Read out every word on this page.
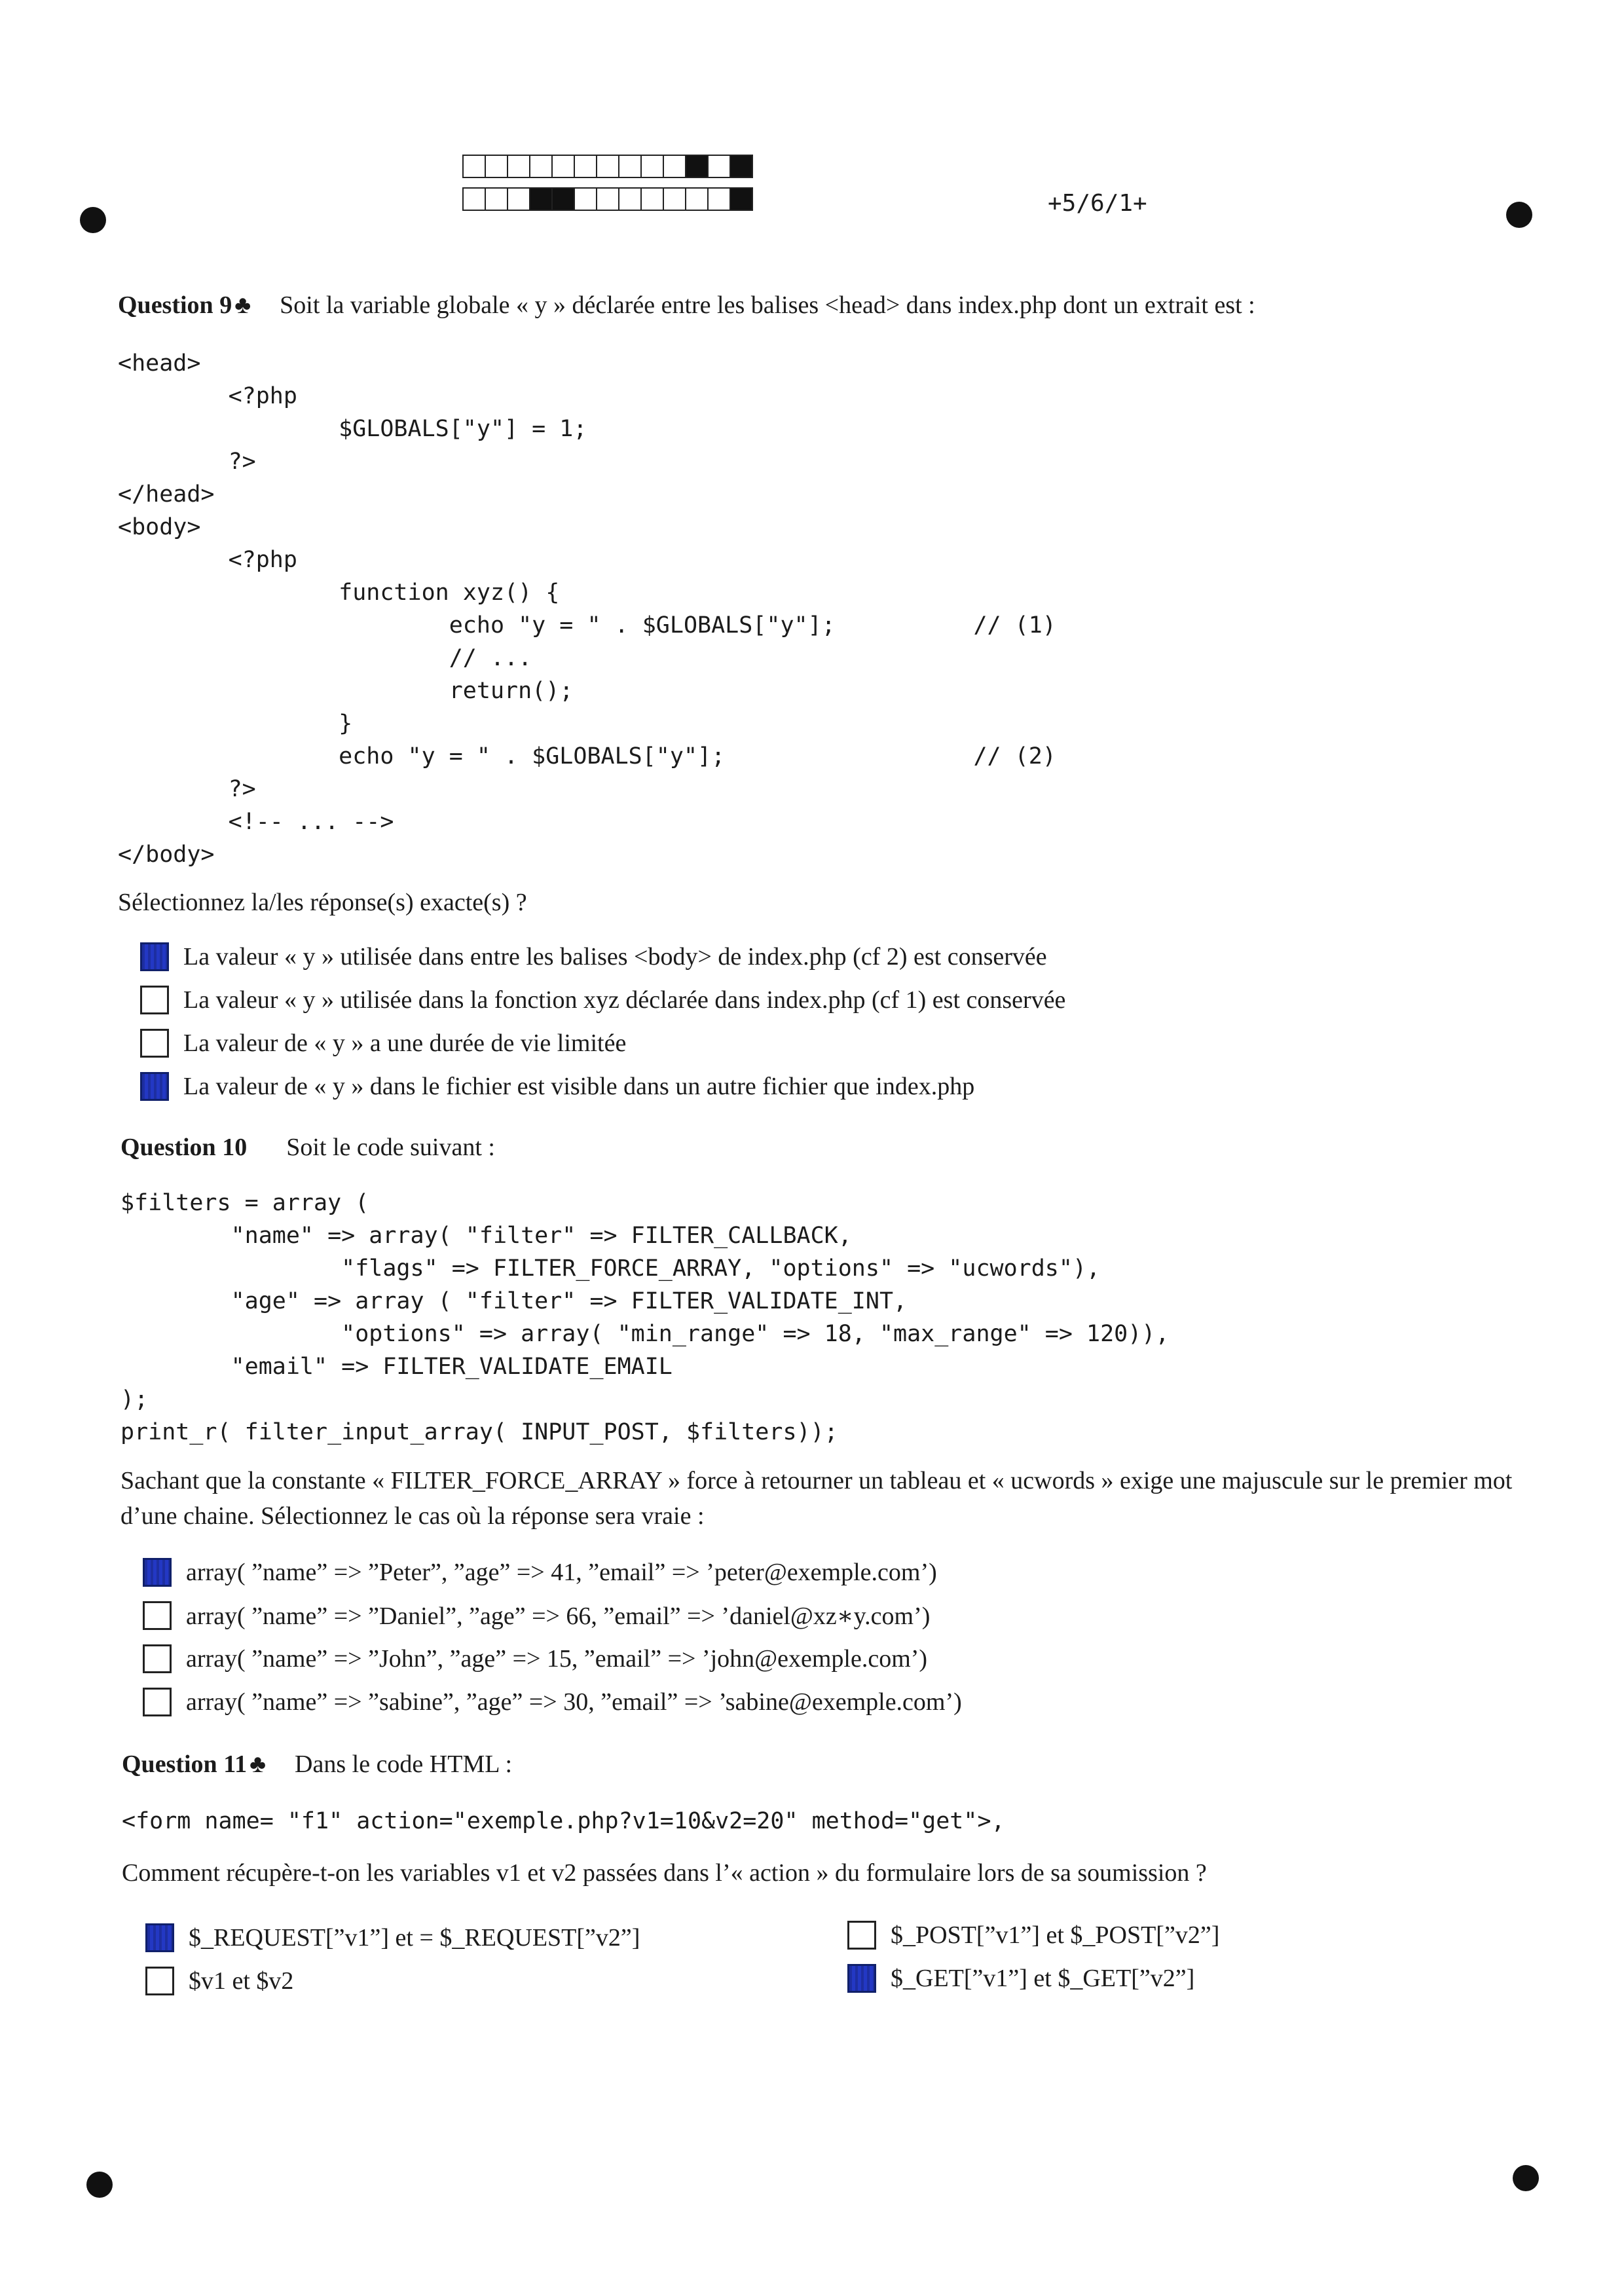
+5/6/1+
Question 9 ♣ Soit la variable globale « y » déclarée entre les balises <head> dans index.php dont un extrait est :
<head>
<?php
$GLOBALS["y"] = 1;
?>
</head>
<body>
<?php
function xyz() {
echo "y = " . $GLOBALS["y"];          // (1)
// ...
return();
}
echo "y = " . $GLOBALS["y"];                  // (2)
?>
<!-- ... -->
</body>
Sélectionnez la/les réponse(s) exacte(s) ?
La valeur « y » utilisée dans entre les balises <body> de index.php (cf 2) est conservée
La valeur « y » utilisée dans la fonction xyz déclarée dans index.php (cf 1) est conservée
La valeur de « y » a une durée de vie limitée
La valeur de « y » dans le fichier est visible dans un autre fichier que index.php
Question 10 Soit le code suivant :
$filters = array (
"name" => array( "filter" => FILTER_CALLBACK,
"flags" => FILTER_FORCE_ARRAY, "options" => "ucwords"),
"age" => array ( "filter" => FILTER_VALIDATE_INT,
"options" => array( "min_range" => 18, "max_range" => 120)),
"email" => FILTER_VALIDATE_EMAIL
);
print_r( filter_input_array( INPUT_POST, $filters));
Sachant que la constante « FILTER_FORCE_ARRAY » force à retourner un tableau et « ucwords » exige une majuscule sur le premier mot d’une chaine. Sélectionnez le cas où la réponse sera vraie :
array( ”name” => ”Peter”, ”age” => 41, ”email” => ’peter@exemple.com’)
array( ”name” => ”Daniel”, ”age” => 66, ”email” => ’daniel@xz∗y.com’)
array( ”name” => ”John”, ”age” => 15, ”email” => ’john@exemple.com’)
array( ”name” => ”sabine”, ”age” => 30, ”email” => ’sabine@exemple.com’)
Question 11 ♣ Dans le code HTML :
<form name= "f1" action="exemple.php?v1=10&v2=20" method="get">,
Comment récupère-t-on les variables v1 et v2 passées dans l’« action » du formulaire lors de sa soumission ?
$_REQUEST[”v1”] et = $_REQUEST[”v2”]
$v1 et $v2
$_POST[”v1”] et $_POST[”v2”]
$_GET[”v1”] et $_GET[”v2”]
